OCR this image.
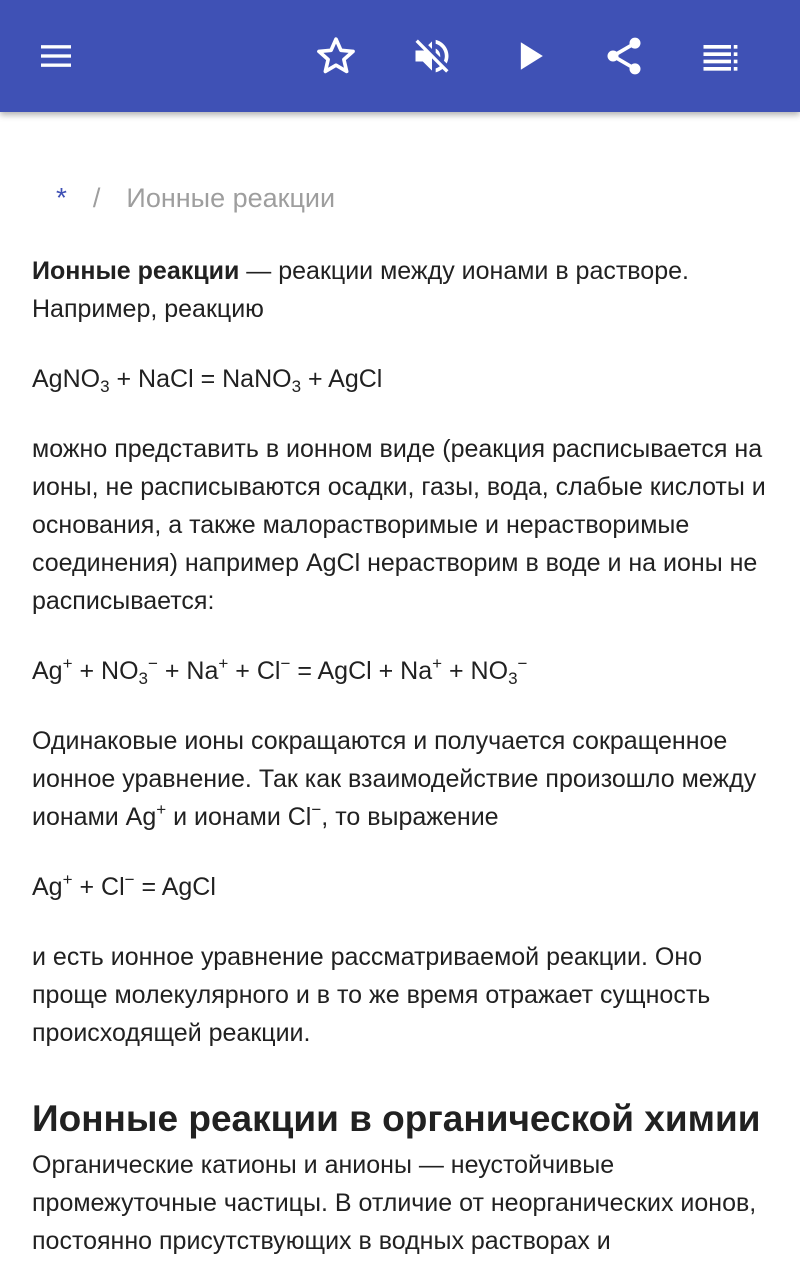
* / Ионные реакции

Ионные реакции — реакции между ионами в растворе. Например, реакцию

AgNO$_3$ + NaCl = NaNO$_3$ + AgCl

можно представить в ионном виде (реакция расписывается на ионы, не расписываются осадки, газы, вода, слабые кислоты и основания, а также малорастворимые и нерастворимые соединения) например AgCl нерастворим в воде и на ионы не расписывается:

$Ag^+ + NO_3^- + Na^+ + Cl^-$ = AgCl + $Na^+ + NO_3^-$

Одинаковые ионы сокращаются и получается сокращенное ионное уравнение. Так как взаимодействие произошло между ионами Ag+ и ионами Cl−, то выражение

Ag+ + Cl− = AgCl

и есть ионное уравнение рассматриваемой реакции. Оно проще молекулярного и в то же время отражает сущность происходящей реакции.

Ионные реакции в органической химии

Органические катионы и анионы — неустойчивые промежуточные частицы. В отличие от неорганических ионов, постоянно присутствующих в водных растворах и
